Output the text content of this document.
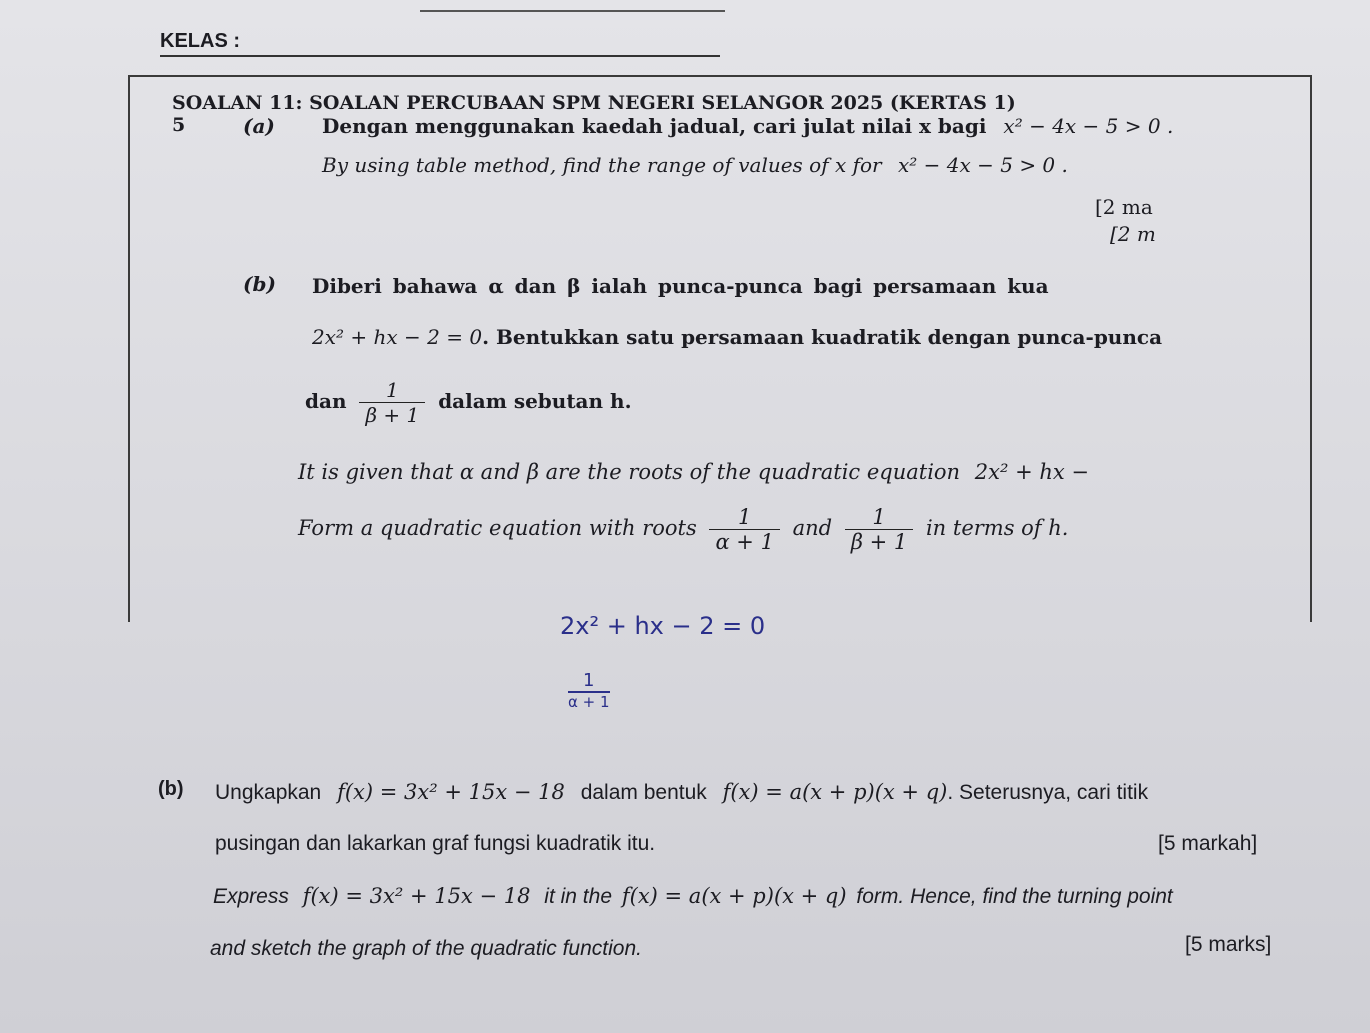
KELAS :
SOALAN 11: SOALAN PERCUBAAN SPM NEGERI SELANGOR 2025 (KERTAS 1)
5	(a) Dengan menggunakan kaedah jadual, cari julat nilai x bagi x² − 4x − 5 > 0 .
By using table method, find the range of values of x for x² − 4x − 5 > 0 .
[2 ma
[2 m
(b) Diberi bahawa α dan β ialah punca-punca bagi persamaan kua
2x² + hx − 2 = 0. Bentukkan satu persamaan kuadratik dengan punca-punca
dan $\frac{1}{\beta + 1}$ dalam sebutan h.
It is given that α and β are the roots of the quadratic equation 2x² + hx −
Form a quadratic equation with roots $\frac{1}{\alpha + 1}$ and $\frac{1}{\beta + 1}$ in terms of h.
2x² + hx − 2 = 0
1
α + 1
(b) Ungkapkan f(x) = 3x² + 15x − 18 dalam bentuk f(x) = a(x + p)(x + q). Seterusnya, cari titik
pusingan dan lakarkan graf fungsi kuadratik itu.	[5 markah]
Express f(x) = 3x² + 15x − 18 it in the f(x) = a(x + p)(x + q) form. Hence, find the turning point
and sketch the graph of the quadratic function.	[5 marks]
